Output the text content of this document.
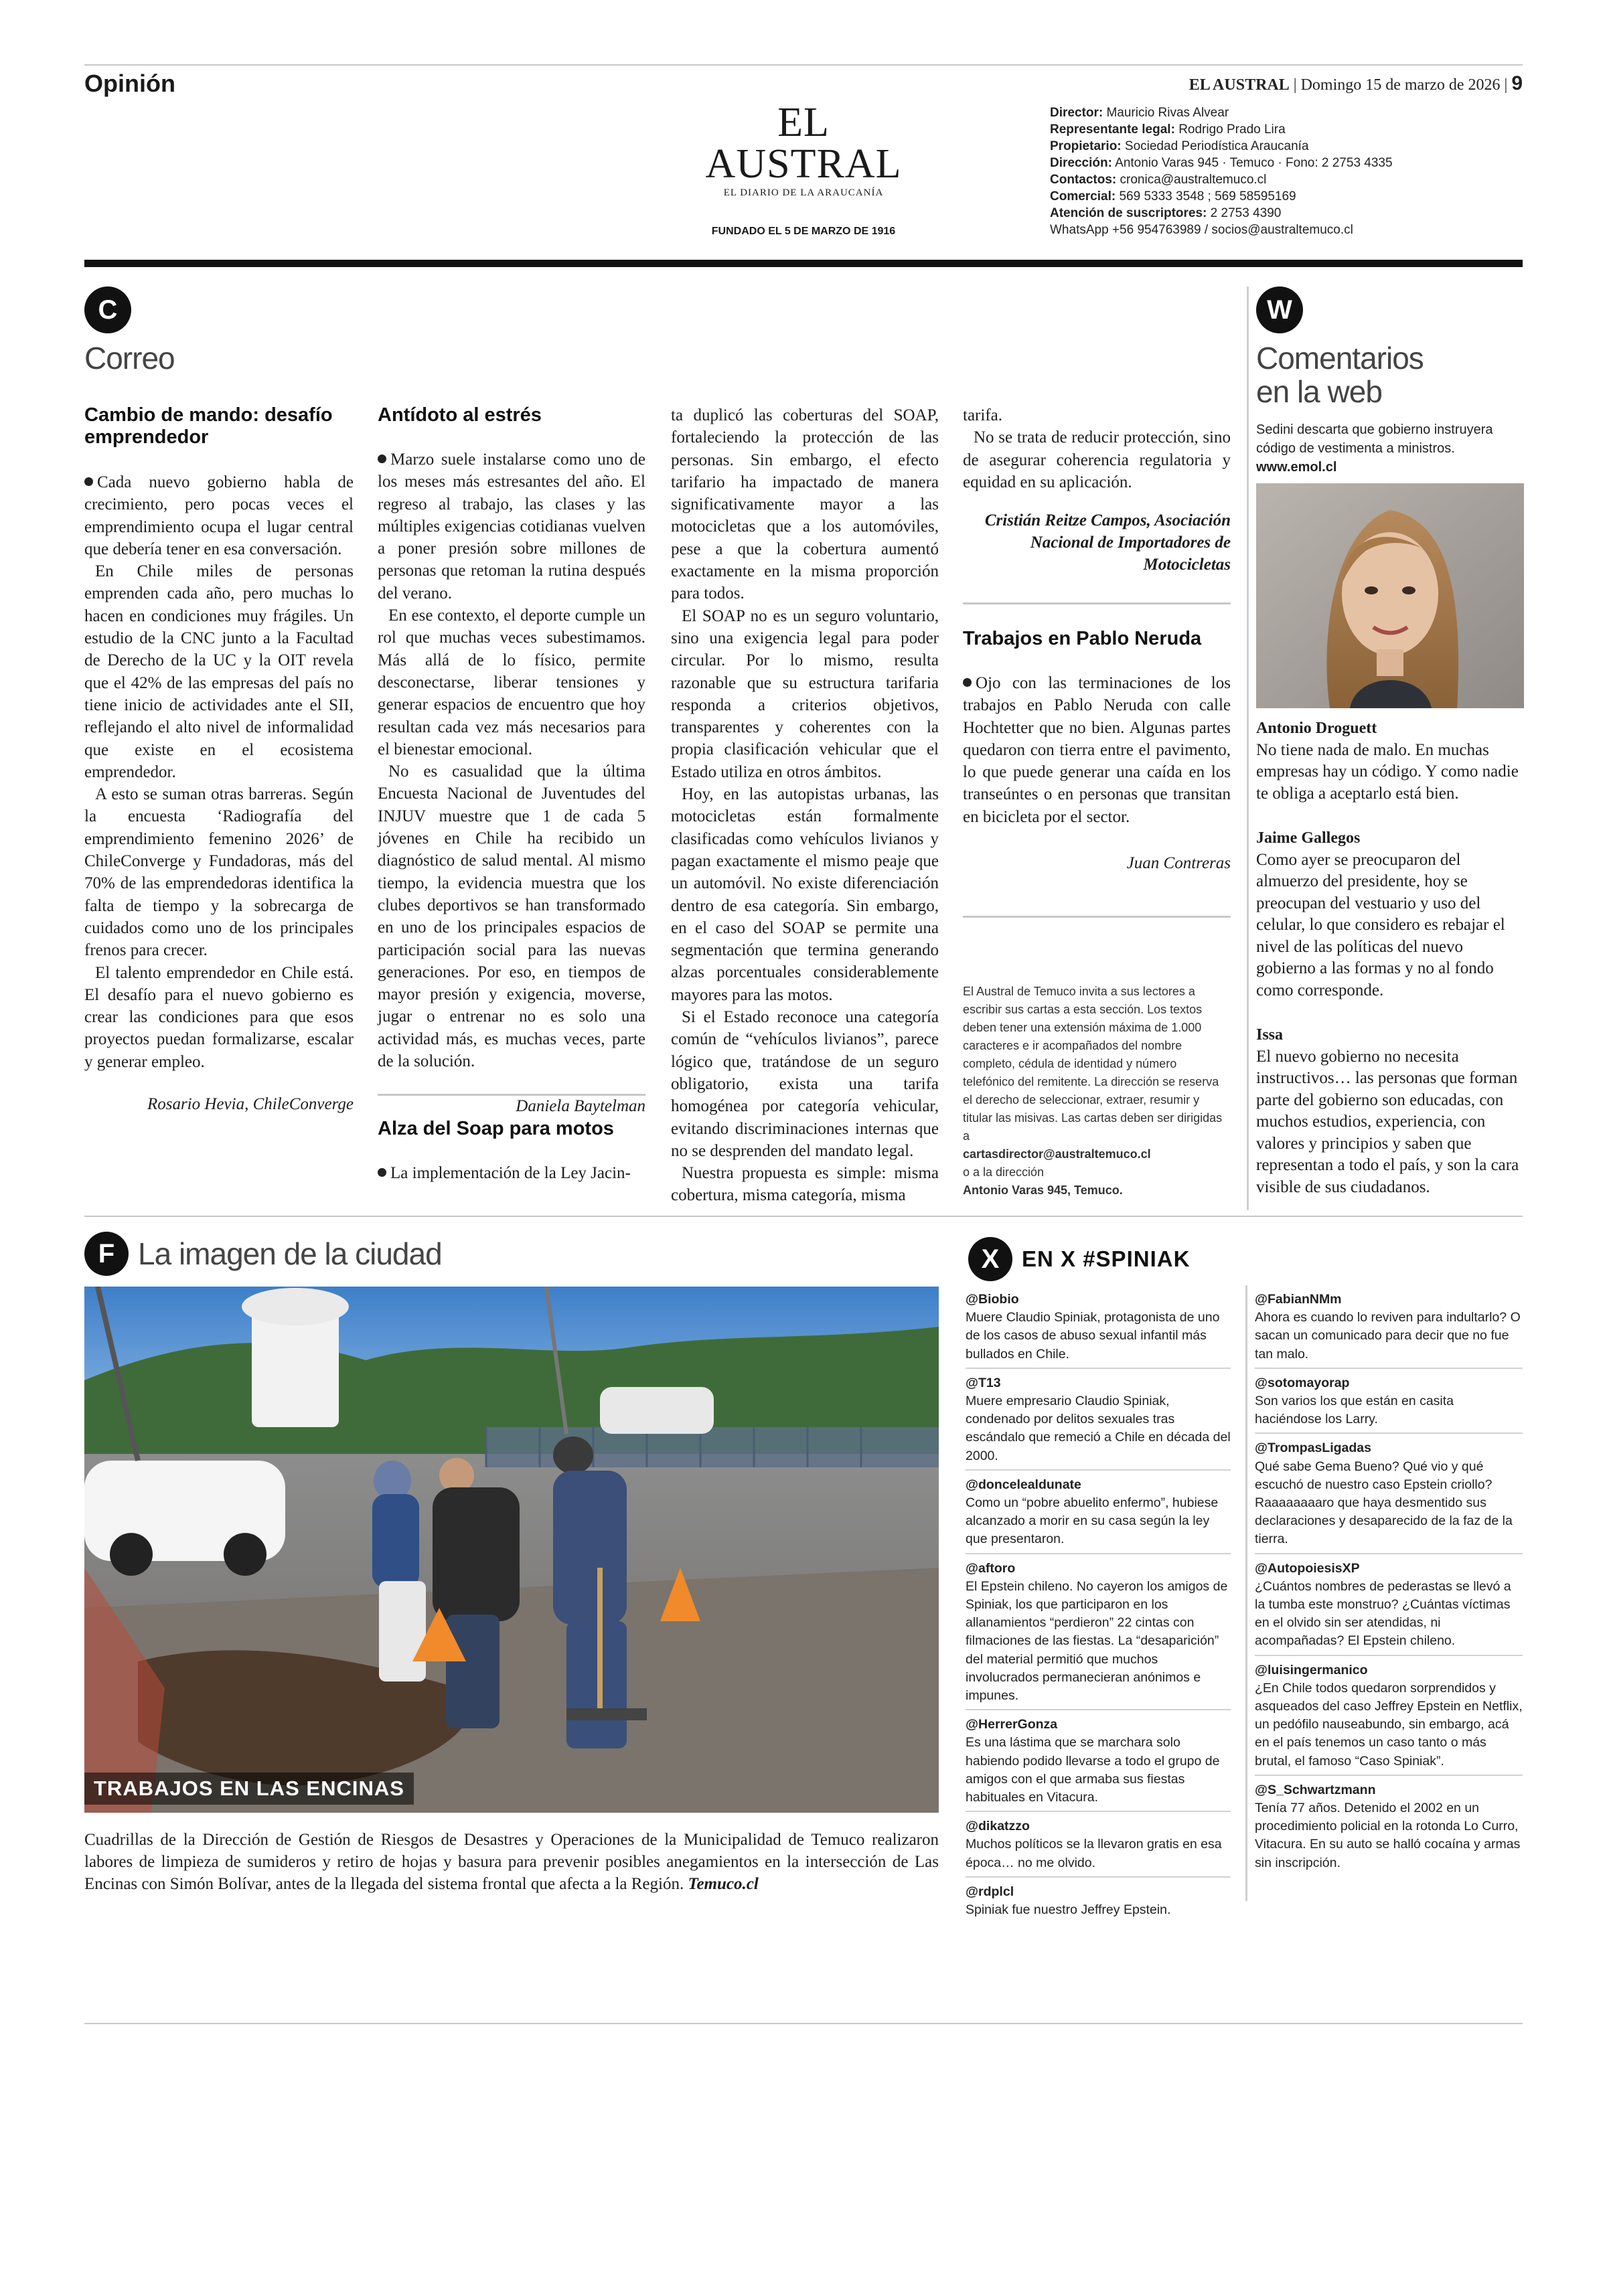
Opinión	EL AUSTRAL | Domingo 15 de marzo de 2026 | 9
EL AUSTRAL
EL DIARIO DE LA ARAUCANÍA
FUNDADO EL 5 DE MARZO DE 1916
Director: Mauricio Rivas Alvear
Representante legal: Rodrigo Prado Lira
Propietario: Sociedad Periodística Araucanía
Dirección: Antonio Varas 945 · Temuco · Fono: 2 2753 4335
Contactos: cronica@australtemuco.cl
Comercial: 569 5333 3548 ; 569 58595169
Atención de suscriptores: 2 2753 4390
WhatsApp +56 954763989 / socios@australtemuco.cl
C
Correo
Cambio de mando: desafío emprendedor

Cada nuevo gobierno habla de crecimiento, pero pocas veces el emprendimiento ocupa el lugar central que debería tener en esa conversación.

En Chile miles de personas emprenden cada año, pero muchas lo hacen en condiciones muy frágiles. Un estudio de la CNC junto a la Facultad de Derecho de la UC y la OIT revela que el 42% de las empresas del país no tiene inicio de actividades ante el SII, reflejando el alto nivel de informalidad que existe en el ecosistema emprendedor.

A esto se suman otras barreras. Según la encuesta ‘Radiografía del emprendimiento femenino 2026’ de ChileConverge y Fundadoras, más del 70% de las emprendedoras identifica la falta de tiempo y la sobrecarga de cuidados como uno de los principales frenos para crecer.

El talento emprendedor en Chile está. El desafío para el nuevo gobierno es crear las condiciones para que esos proyectos puedan formalizarse, escalar y generar empleo.

Rosario Hevia, ChileConverge
Antídoto al estrés

Marzo suele instalarse como uno de los meses más estresantes del año. El regreso al trabajo, las clases y las múltiples exigencias cotidianas vuelven a poner presión sobre millones de personas que retoman la rutina después del verano.

En ese contexto, el deporte cumple un rol que muchas veces subestimamos. Más allá de lo físico, permite desconectarse, liberar tensiones y generar espacios de encuentro que hoy resultan cada vez más necesarios para el bienestar emocional.

No es casualidad que la última Encuesta Nacional de Juventudes del INJUV muestre que 1 de cada 5 jóvenes en Chile ha recibido un diagnóstico de salud mental. Al mismo tiempo, la evidencia muestra que los clubes deportivos se han transformado en uno de los principales espacios de participación social para las nuevas generaciones. Por eso, en tiempos de mayor presión y exigencia, moverse, jugar o entrenar no es solo una actividad más, es muchas veces, parte de la solución.

Daniela Baytelman
Alza del Soap para motos

La implementación de la Ley Jacin-

ta duplicó las coberturas del SOAP, fortaleciendo la protección de las personas. Sin embargo, el efecto tarifario ha impactado de manera significativamente mayor a las motocicletas que a los automóviles, pese a que la cobertura aumentó exactamente en la misma proporción para todos.

El SOAP no es un seguro voluntario, sino una exigencia legal para poder circular. Por lo mismo, resulta razonable que su estructura tarifaria responda a criterios objetivos, transparentes y coherentes con la propia clasificación vehicular que el Estado utiliza en otros ámbitos.

Hoy, en las autopistas urbanas, las motocicletas están formalmente clasificadas como vehículos livianos y pagan exactamente el mismo peaje que un automóvil. No existe diferenciación dentro de esa categoría. Sin embargo, en el caso del SOAP se permite una segmentación que termina generando alzas porcentuales considerablemente mayores para las motos.

Si el Estado reconoce una categoría común de “vehículos livianos”, parece lógico que, tratándose de un seguro obligatorio, exista una tarifa homogénea por categoría vehicular, evitando discriminaciones internas que no se desprenden del mandato legal.

Nuestra propuesta es simple: misma cobertura, misma categoría, misma

tarifa.

No se trata de reducir protección, sino de asegurar coherencia regulatoria y equidad en su aplicación.

Cristián Reitze Campos, Asociación Nacional de Importadores de Motocicletas
Trabajos en Pablo Neruda

Ojo con las terminaciones de los trabajos en Pablo Neruda con calle Hochtetter que no bien. Algunas partes quedaron con tierra entre el pavimento, lo que puede generar una caída en los transeúntes o en personas que transitan en bicicleta por el sector.

Juan Contreras
El Austral de Temuco invita a sus lectores a escribir sus cartas a esta sección. Los textos deben tener una extensión máxima de 1.000 caracteres e ir acompañados del nombre completo, cédula de identidad y número telefónico del remitente. La dirección se reserva el derecho de seleccionar, extraer, resumir y titular las misivas. Las cartas deben ser dirigidas a
cartasdirector@australtemuco.cl
o a la dirección
Antonio Varas 945, Temuco.
W
Comentarios
en la web
Sedini descarta que gobierno instruyera código de vestimenta a ministros.
www.emol.cl
Antonio Droguett
No tiene nada de malo. En muchas empresas hay un código. Y como nadie te obliga a aceptarlo está bien.
Jaime Gallegos
Como ayer se preocuparon del almuerzo del presidente, hoy se preocupan del vestuario y uso del celular, lo que considero es rebajar el nivel de las políticas del nuevo gobierno a las formas y no al fondo como corresponde.
Issa
El nuevo gobierno no necesita instructivos… las personas que forman parte del gobierno son educadas, con muchos estudios, experiencia, con valores y principios y saben que representan a todo el país, y son la cara visible de sus ciudadanos.
F La imagen de la ciudad
TRABAJOS EN LAS ENCINAS
Cuadrillas de la Dirección de Gestión de Riesgos de Desastres y Operaciones de la Municipalidad de Temuco realizaron labores de limpieza de sumideros y retiro de hojas y basura para prevenir posibles anegamientos en la intersección de Las Encinas con Simón Bolívar, antes de la llegada del sistema frontal que afecta a la Región. Temuco.cl
X	EN X #SPINIAK
@Biobio
Muere Claudio Spiniak, protagonista de uno de los casos de abuso sexual infantil más bullados en Chile.
@T13
Muere empresario Claudio Spiniak, condenado por delitos sexuales tras escándalo que remeció a Chile en década del 2000.
@doncelealdunate
Como un “pobre abuelito enfermo”, hubiese alcanzado a morir en su casa según la ley que presentaron.
@aftoro
El Epstein chileno. No cayeron los amigos de Spiniak, los que participaron en los allanamientos “perdieron” 22 cintas con filmaciones de las fiestas. La “desaparición” del material permitió que muchos involucrados permanecieran anónimos e impunes.
@HerrerGonza
Es una lástima que se marchara solo habiendo podido llevarse a todo el grupo de amigos con el que armaba sus fiestas habituales en Vitacura.
@dikatzzo
Muchos políticos se la llevaron gratis en esa época… no me olvido.
@rdplcl
Spiniak fue nuestro Jeffrey Epstein.
@FabianNMm
Ahora es cuando lo reviven para indultarlo? O sacan un comunicado para decir que no fue tan malo.
@sotomayorap
Son varios los que están en casita haciéndose los Larry.
@TrompasLigadas
Qué sabe Gema Bueno? Qué vio y qué escuchó de nuestro caso Epstein criollo? Raaaaaaaaro que haya desmentido sus declaraciones y desaparecido de la faz de la tierra.
@AutopoiesisXP
¿Cuántos nombres de pederastas se llevó a la tumba este monstruo? ¿Cuántas víctimas en el olvido sin ser atendidas, ni acompañadas? El Epstein chileno.
@luisingermanico
¿En Chile todos quedaron sorprendidos y asqueados del caso Jeffrey Epstein en Netflix, un pedófilo nauseabundo, sin embargo, acá en el país tenemos un caso tanto o más brutal, el famoso “Caso Spiniak”.
@S_Schwartzmann
Tenía 77 años. Detenido el 2002 en un procedimiento policial en la rotonda Lo Curro, Vitacura. En su auto se halló cocaína y armas sin inscripción.
